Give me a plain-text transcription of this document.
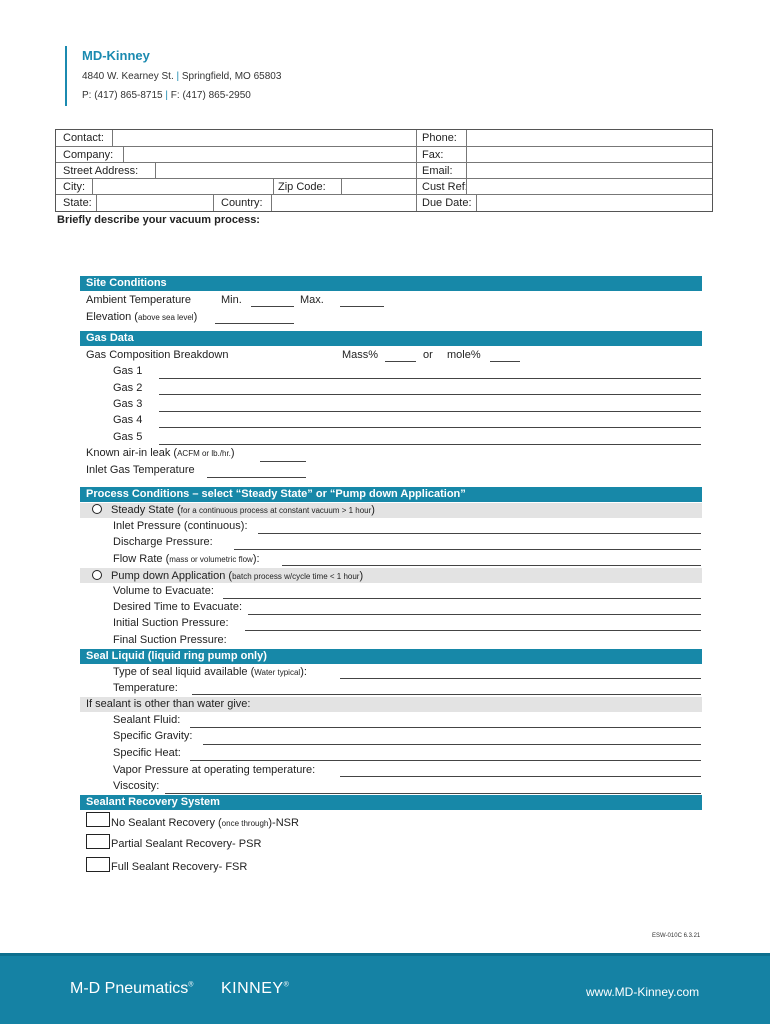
MD-Kinney
4840 W. Kearney St. | Springfield, MO 65803
P: (417) 865-8715 | F: (417) 865-2950
Contact:	Phone:
Company:	Fax:
Street Address:	Email:
City:	Zip Code:	Cust Ref:
State:	Country:	Due Date:
Briefly describe your vacuum process:
Site Conditions
Ambient Temperature	Min.	Max.
Elevation (above sea level)
Gas Data
Gas Composition Breakdown	Mass%	or mole%
Gas 1
Gas 2
Gas 3
Gas 4
Gas 5
Known air-in leak (ACFM or lb./hr.)
Inlet Gas Temperature
Process Conditions – select “Steady State” or “Pump down Application”
Steady State (for a continuous process at constant vacuum > 1 hour)
Inlet Pressure (continuous):
Discharge Pressure:
Flow Rate (mass or volumetric flow):
Pump down Application (batch process w/cycle time < 1 hour)
Volume to Evacuate:
Desired Time to Evacuate:
Initial Suction Pressure:
Final Suction Pressure:
Seal Liquid (liquid ring pump only)
Type of seal liquid available (Water typical):
Temperature:
If sealant is other than water give:
Sealant Fluid:
Specific Gravity:
Specific Heat:
Vapor Pressure at operating temperature:
Viscosity:
Sealant Recovery System
No Sealant Recovery (once through)-NSR
Partial Sealant Recovery- PSR
Full Sealant Recovery- FSR
ESW-010C 6.3.21
M-D Pneumatics® KINNEY®	www.MD-Kinney.com
